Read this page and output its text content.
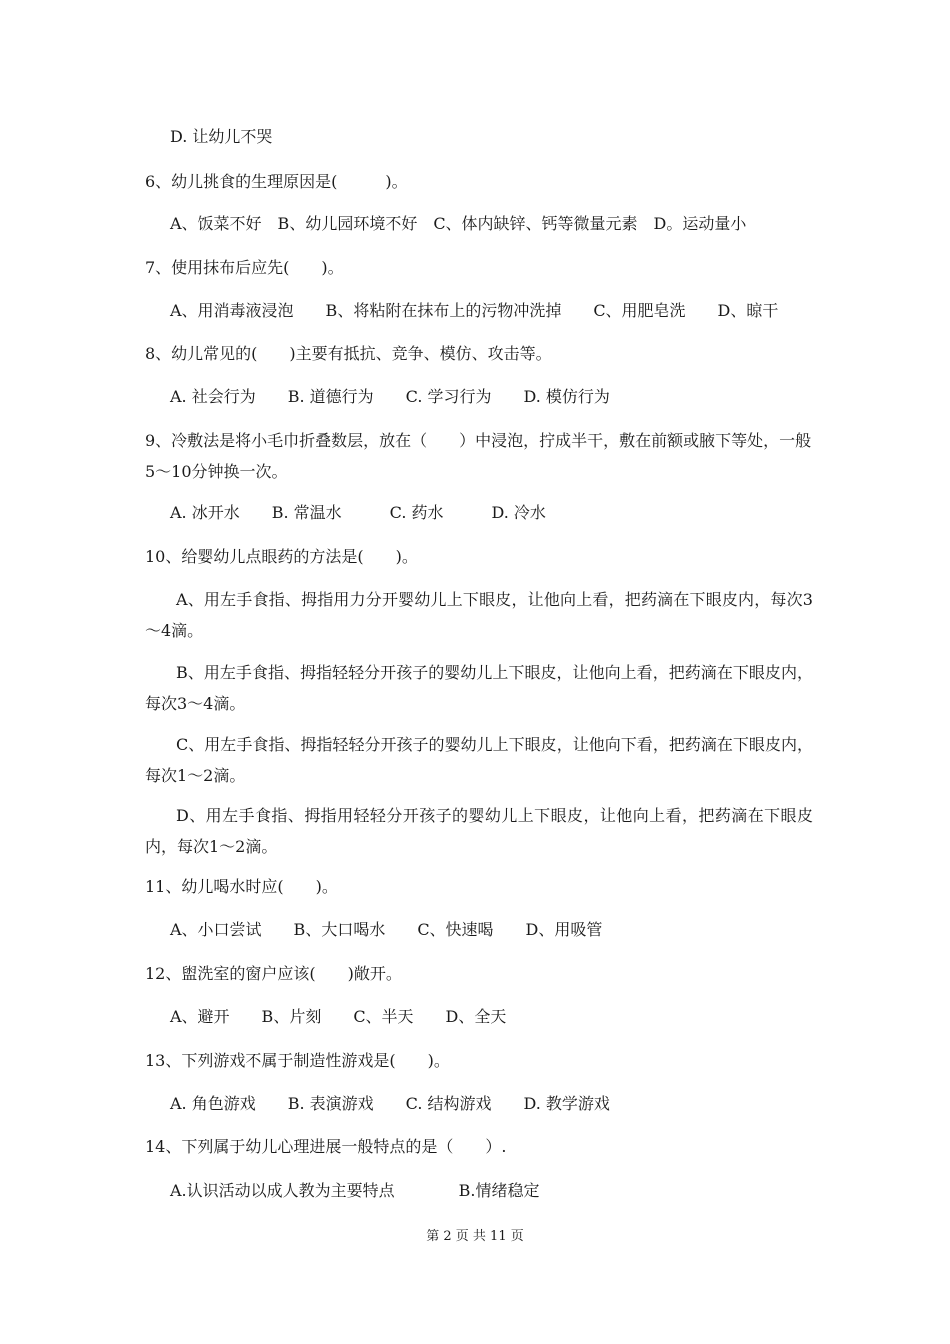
D. 让幼儿不哭
6、幼儿挑食的生理原因是(　　　)。
A、饭菜不好　B、幼儿园环境不好　C、体内缺锌、钙等微量元素　D。运动量小
7、使用抹布后应先(　　)。
A、用消毒液浸泡　　B、将粘附在抹布上的污物冲洗掉　　C、用肥皂洗　　D、晾干
8、幼儿常见的(　　)主要有抵抗、竞争、模仿、攻击等。
A. 社会行为　　B. 道德行为　　C. 学习行为　　D. 模仿行为
9、冷敷法是将小毛巾折叠数层，放在（　　）中浸泡，拧成半干，敷在前额或腋下等处，一般5～10分钟换一次。
A. 冰开水　　B. 常温水　　　C. 药水　　　D. 冷水
10、给婴幼儿点眼药的方法是(　　)。
A、用左手食指、拇指用力分开婴幼儿上下眼皮，让他向上看，把药滴在下眼皮内，每次3～4滴。
B、用左手食指、拇指轻轻分开孩子的婴幼儿上下眼皮，让他向上看，把药滴在下眼皮内，每次3～4滴。
C、用左手食指、拇指轻轻分开孩子的婴幼儿上下眼皮，让他向下看，把药滴在下眼皮内，每次1～2滴。
D、用左手食指、拇指用轻轻分开孩子的婴幼儿上下眼皮，让他向上看，把药滴在下眼皮内，每次1～2滴。
11、幼儿喝水时应(　　)。
A、小口尝试　　B、大口喝水　　C、快速喝　　D、用吸管
12、盥洗室的窗户应该(　　)敞开。
A、避开　　B、片刻　　C、半天　　D、全天
13、下列游戏不属于制造性游戏是(　　)。
A. 角色游戏　　B. 表演游戏　　C. 结构游戏　　D. 教学游戏
14、下列属于幼儿心理进展一般特点的是（　　）.
A.认识活动以成人教为主要特点　　　　B.情绪稳定
第 2 页 共 11 页
